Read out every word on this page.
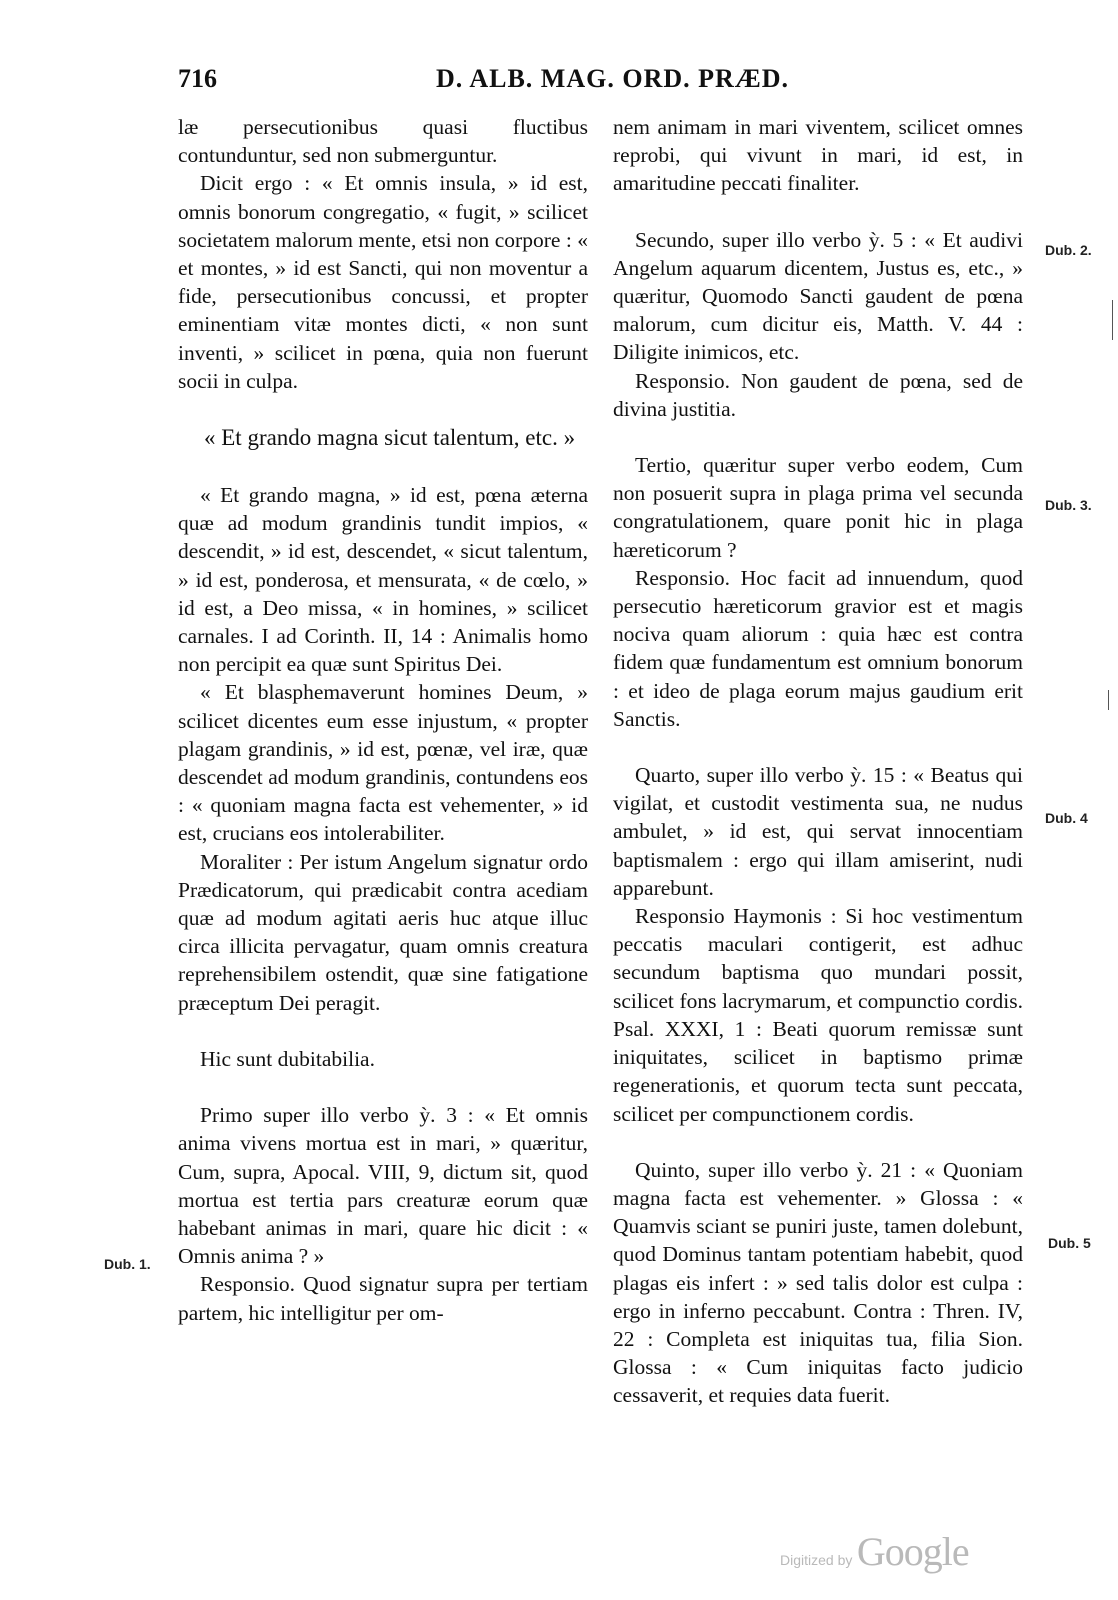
716	D. ALB. MAG. ORD. PRÆD.

læ persecutionibus quasi fluctibus contunduntur, sed non submerguntur.

Dicit ergo : « Et omnis insula, » id est, omnis bonorum congregatio, « fugit, » scilicet societatem malorum mente, etsi non corpore : « et montes, » id est Sancti, qui non moventur a fide, persecutionibus concussi, et propter eminentiam vitæ montes dicti, « non sunt inventi, » scilicet in pœna, quia non fuerunt socii in culpa.

« Et grando magna sicut talentum, etc. »

« Et grando magna, » id est, pœna æterna quæ ad modum grandinis tundit impios, « descendit, » id est, descendet, « sicut talentum, » id est, ponderosa, et mensurata, « de cœlo, » id est, a Deo missa, « in homines, » scilicet carnales. I ad Corinth. II, 14 : Animalis homo non percipit ea quæ sunt Spiritus Dei.

« Et blasphemaverunt homines Deum, » scilicet dicentes eum esse injustum, « propter plagam grandinis, » id est, pœnæ, vel iræ, quæ descendet ad modum grandinis, contundens eos : « quoniam magna facta est vehementer, » id est, crucians eos intolerabiliter.

Moraliter : Per istum Angelum signatur ordo Prædicatorum, qui prædicabit contra acediam quæ ad modum agitati aeris huc atque illuc circa illicita pervagatur, quam omnis creatura reprehensibilem ostendit, quæ sine fatigatione præceptum Dei peragit.

Hic sunt dubitabilia.

Primo super illo verbo ỳ. 3 : « Et omnis anima vivens mortua est in mari, » quæritur, Cum, supra, Apocal. VIII, 9, dictum sit, quod mortua est tertia pars creaturæ eorum quæ habebant animas in mari, quare hic dicit : « Omnis anima ? »

Responsio. Quod signatur supra per tertiam partem, hic intelligitur per om-

nem animam in mari viventem, scilicet omnes reprobi, qui vivunt in mari, id est, in amaritudine peccati finaliter.

Secundo, super illo verbo ỳ. 5 : « Et audivi Angelum aquarum dicentem, Justus es, etc., » quæritur, Quomodo Sancti gaudent de pœna malorum, cum dicitur eis, Matth. V. 44 : Diligite inimicos, etc.

Responsio. Non gaudent de pœna, sed de divina justitia.

Tertio, quæritur super verbo eodem, Cum non posuerit supra in plaga prima vel secunda congratulationem, quare ponit hic in plaga hæreticorum ?

Responsio. Hoc facit ad innuendum, quod persecutio hæreticorum gravior est et magis nociva quam aliorum : quia hæc est contra fidem quæ fundamentum est omnium bonorum : et ideo de plaga eorum majus gaudium erit Sanctis.

Quarto, super illo verbo ỳ. 15 : « Beatus qui vigilat, et custodit vestimenta sua, ne nudus ambulet, » id est, qui servat innocentiam baptismalem : ergo qui illam amiserint, nudi apparebunt.

Responsio Haymonis : Si hoc vestimentum peccatis maculari contigerit, est adhuc secundum baptisma quo mundari possit, scilicet fons lacrymarum, et compunctio cordis. Psal. XXXI, 1 : Beati quorum remissæ sunt iniquitates, scilicet in baptismo primæ regenerationis, et quorum tecta sunt peccata, scilicet per compunctionem cordis.

Quinto, super illo verbo ỳ. 21 : « Quoniam magna facta est vehementer. » Glossa : « Quamvis sciant se puniri juste, tamen dolebunt, quod Dominus tantam potentiam habebit, quod plagas eis infert : » sed talis dolor est culpa : ergo in inferno peccabunt. Contra : Thren. IV, 22 : Completa est iniquitas tua, filia Sion. Glossa : « Cum iniquitas facto judicio cessaverit, et requies data fuerit.

Dub. 1.
Dub. 2.
Dub. 3.
Dub. 4
Dub. 5
Digitized by Google
